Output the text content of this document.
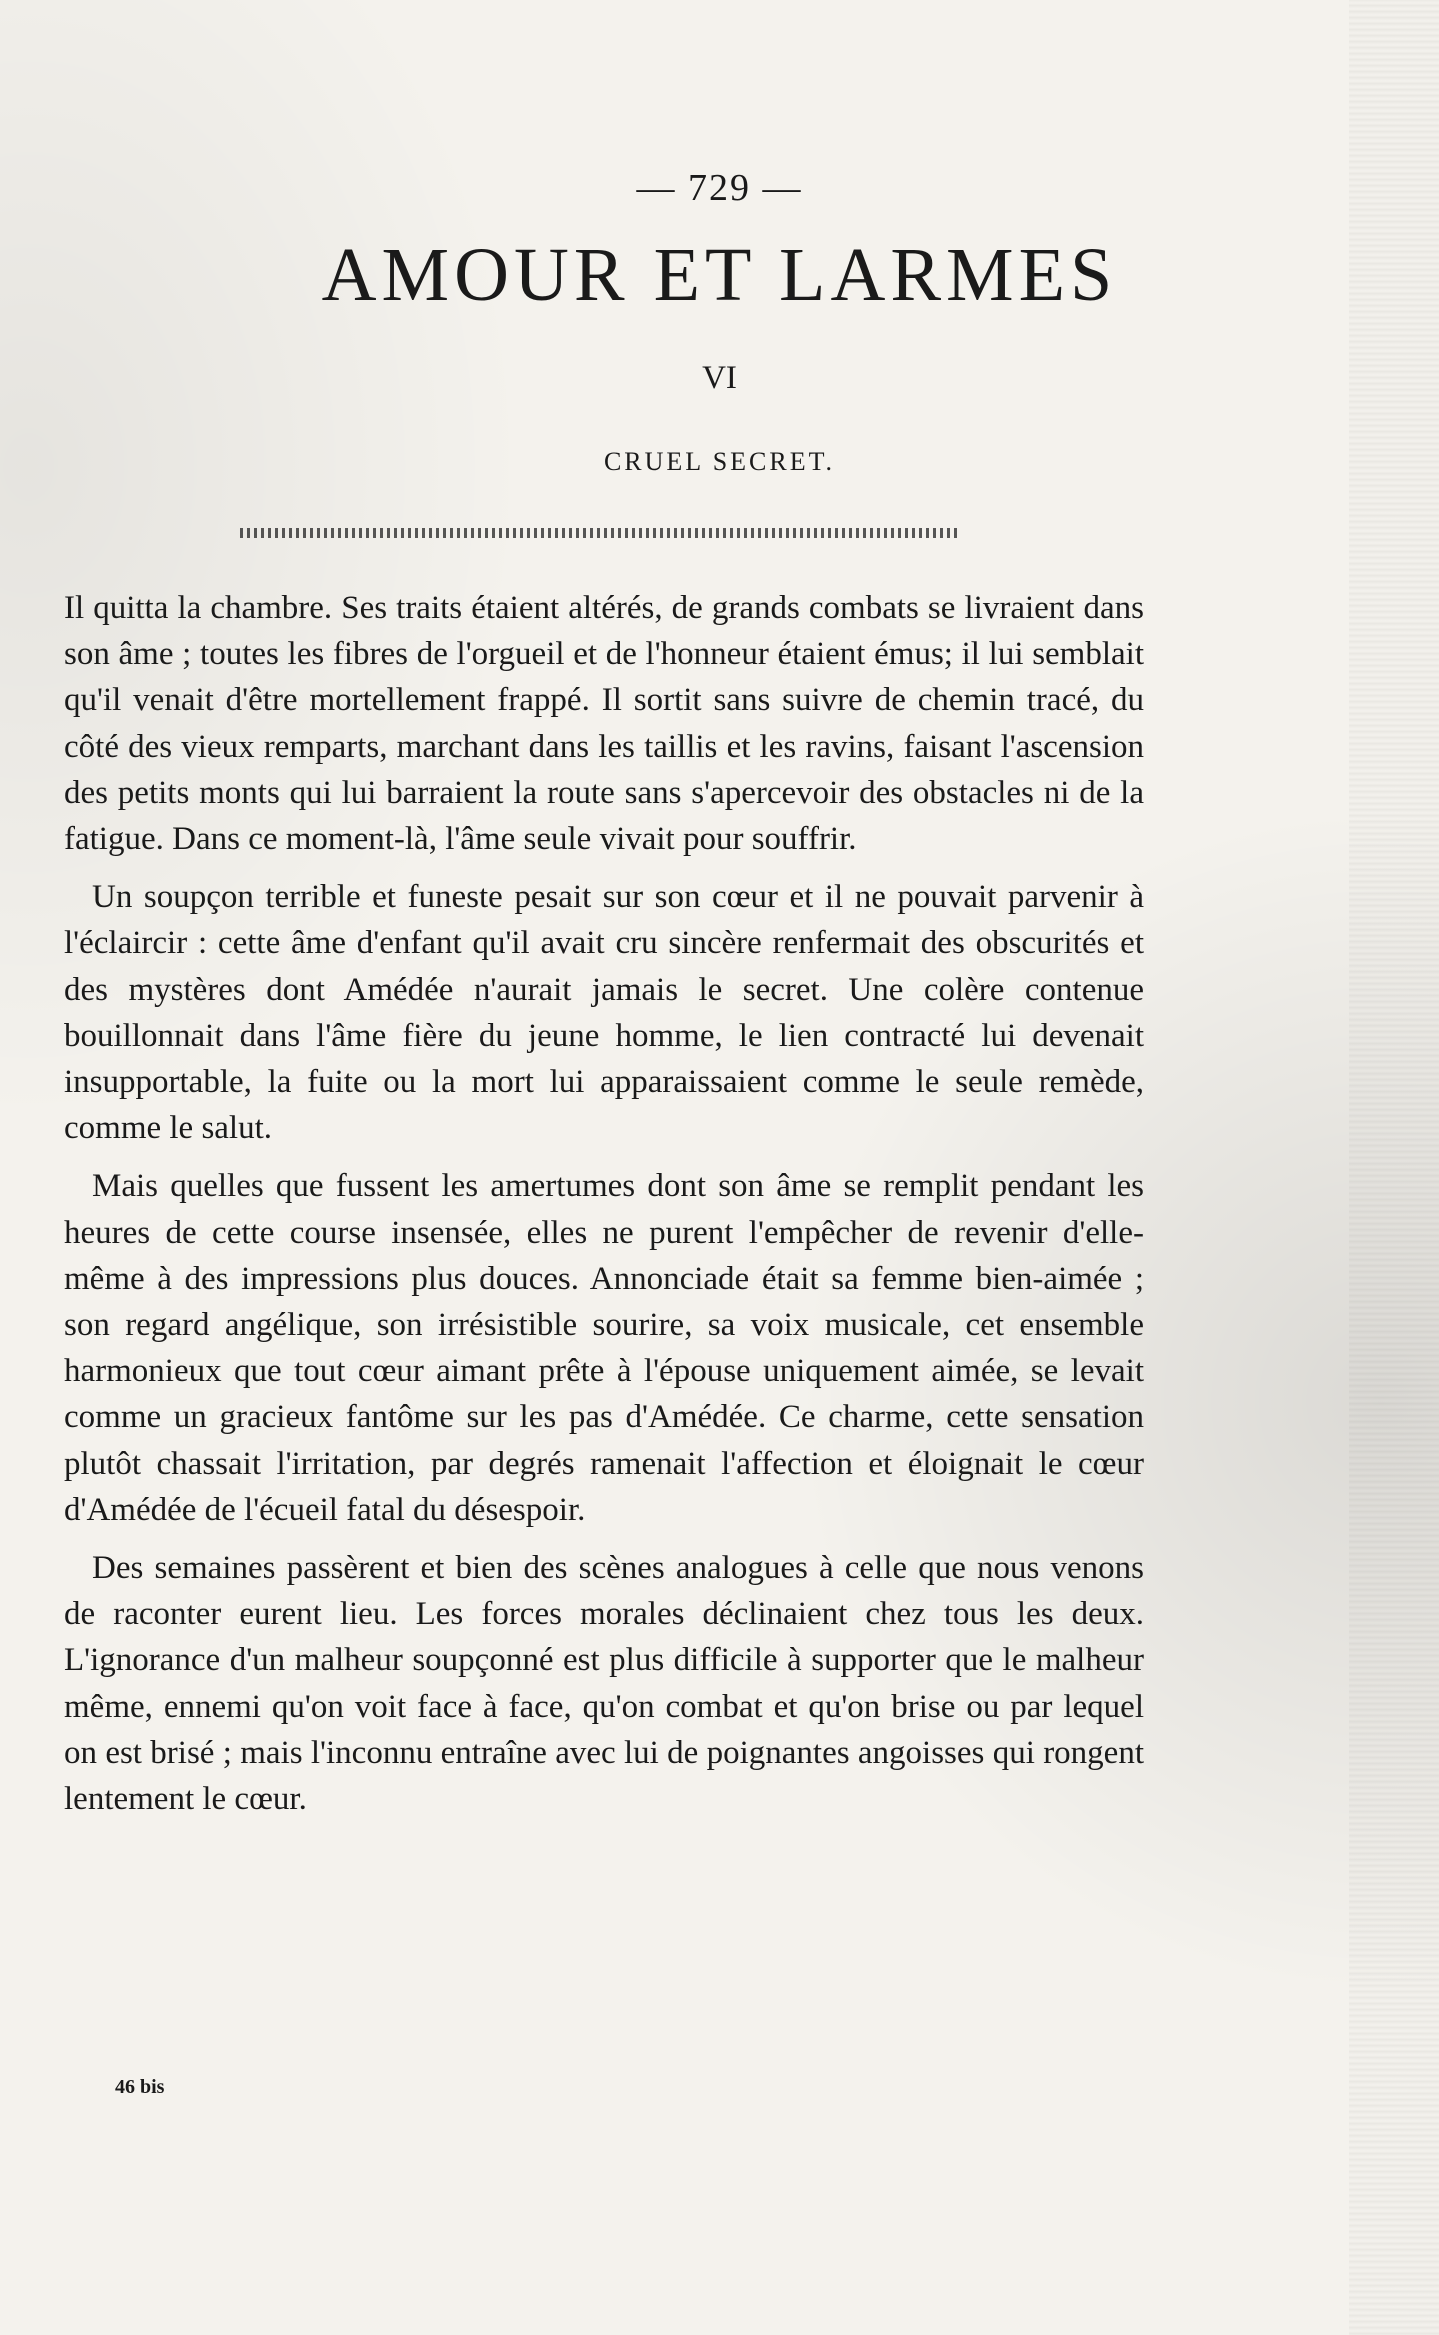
— 729 —
AMOUR ET LARMES
VI
CRUEL SECRET.

Il quitta la chambre. Ses traits étaient altérés, de grands combats se livraient dans son âme ; toutes les fibres de l'orgueil et de l'honneur étaient émus; il lui semblait qu'il venait d'être mortellement frappé. Il sortit sans suivre de chemin tracé, du côté des vieux remparts, marchant dans les taillis et les ravins, faisant l'ascension des petits monts qui lui barraient la route sans s'apercevoir des obstacles ni de la fatigue. Dans ce moment-là, l'âme seule vivait pour souffrir.

Un soupçon terrible et funeste pesait sur son cœur et il ne pouvait parvenir à l'éclaircir : cette âme d'enfant qu'il avait cru sincère renfermait des obscurités et des mystères dont Amédée n'aurait jamais le secret. Une colère contenue bouillonnait dans l'âme fière du jeune homme, le lien contracté lui devenait insupportable, la fuite ou la mort lui apparaissaient comme le seule remède, comme le salut.

Mais quelles que fussent les amertumes dont son âme se remplit pendant les heures de cette course insensée, elles ne purent l'empêcher de revenir d'elle-même à des impressions plus douces. Annonciade était sa femme bien-aimée ; son regard angélique, son irrésistible sourire, sa voix musicale, cet ensemble harmonieux que tout cœur aimant prête à l'épouse uniquement aimée, se levait comme un gracieux fantôme sur les pas d'Amédée. Ce charme, cette sensation plutôt chassait l'irritation, par degrés ramenait l'affection et éloignait le cœur d'Amédée de l'écueil fatal du désespoir.

Des semaines passèrent et bien des scènes analogues à celle que nous venons de raconter eurent lieu. Les forces morales déclinaient chez tous les deux. L'ignorance d'un malheur soupçonné est plus difficile à supporter que le malheur même, ennemi qu'on voit face à face, qu'on combat et qu'on brise ou par lequel on est brisé ; mais l'inconnu entraîne avec lui de poignantes angoisses qui rongent lentement le cœur.

46 bis
